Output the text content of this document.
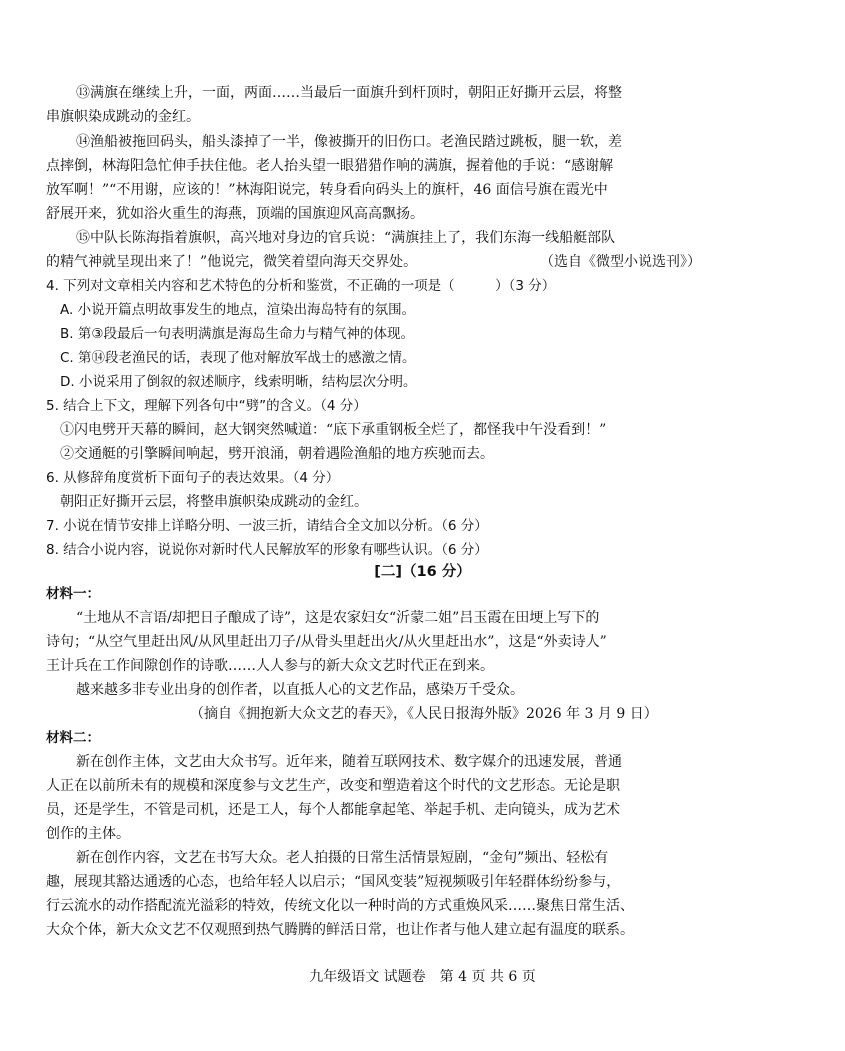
⑬满旗在继续上升，一面，两面……当最后一面旗升到杆顶时，朝阳正好撕开云层，将整
串旗帜染成跳动的金红。
⑭渔船被拖回码头，船头漆掉了一半，像被撕开的旧伤口。老渔民踏过跳板，腿一软，差
点摔倒，林海阳急忙伸手扶住他。老人抬头望一眼猎猎作响的满旗，握着他的手说：“感谢解
放军啊！”“不用谢，应该的！”林海阳说完，转身看向码头上的旗杆，46 面信号旗在霞光中
舒展开来，犹如浴火重生的海燕，顶端的国旗迎风高高飘扬。
⑮中队长陈海指着旗帜，高兴地对身边的官兵说：“满旗挂上了，我们东海一线船艇部队
的精气神就呈现出来了！”他说完，微笑着望向海天交界处。	（选自《微型小说选刊》）
4. 下列对文章相关内容和艺术特色的分析和鉴赏，不正确的一项是（　　　）（3 分）
A. 小说开篇点明故事发生的地点，渲染出海岛特有的氛围。
B. 第③段最后一句表明满旗是海岛生命力与精气神的体现。
C. 第⑭段老渔民的话，表现了他对解放军战士的感激之情。
D. 小说采用了倒叙的叙述顺序，线索明晰，结构层次分明。
5. 结合上下文，理解下列各句中“劈”的含义。（4 分）
①闪电劈开天幕的瞬间，赵大钢突然喊道：“底下承重钢板全烂了，都怪我中午没看到！”
②交通艇的引擎瞬间响起，劈开浪涌，朝着遇险渔船的地方疾驰而去。
6. 从修辞角度赏析下面句子的表达效果。（4 分）
朝阳正好撕开云层，将整串旗帜染成跳动的金红。
7. 小说在情节安排上详略分明、一波三折，请结合全文加以分析。（6 分）
8. 结合小说内容，说说你对新时代人民解放军的形象有哪些认识。（6 分）
[二]（16 分）
材料一：
“土地从不言语/却把日子酿成了诗”，这是农家妇女“沂蒙二姐”吕玉霞在田埂上写下的
诗句；“从空气里赶出风/从风里赶出刀子/从骨头里赶出火/从火里赶出水”，这是“外卖诗人”
王计兵在工作间隙创作的诗歌……人人参与的新大众文艺时代正在到来。
越来越多非专业出身的创作者，以直抵人心的文艺作品，感染万千受众。
（摘自《拥抱新大众文艺的春天》，《人民日报海外版》2026 年 3 月 9 日）
材料二：
新在创作主体，文艺由大众书写。近年来，随着互联网技术、数字媒介的迅速发展，普通
人正在以前所未有的规模和深度参与文艺生产，改变和塑造着这个时代的文艺形态。无论是职
员，还是学生，不管是司机，还是工人，每个人都能拿起笔、举起手机、走向镜头，成为艺术
创作的主体。
新在创作内容，文艺在书写大众。老人拍摄的日常生活情景短剧，“金句”频出、轻松有
趣，展现其豁达通透的心态，也给年轻人以启示；“国风变装”短视频吸引年轻群体纷纷参与，
行云流水的动作搭配流光溢彩的特效，传统文化以一种时尚的方式重焕风采……聚焦日常生活、
大众个体，新大众文艺不仅观照到热气腾腾的鲜活日常，也让作者与他人建立起有温度的联系。
九年级语文 试题卷　第 4 页 共 6 页
